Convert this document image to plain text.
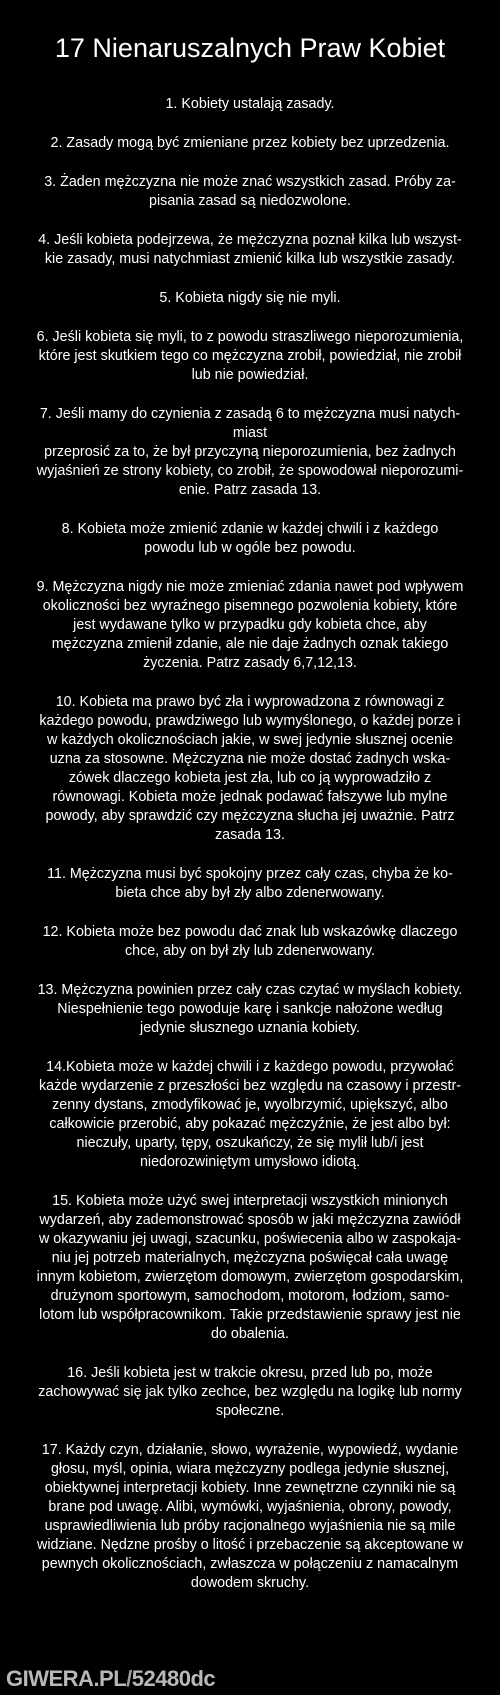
17 Nienaruszalnych Praw Kobiet
1. Kobiety ustalają zasady.
2. Zasady mogą być zmieniane przez kobiety bez uprzedzenia.
3. Żaden mężczyzna nie może znać wszystkich zasad. Próby za-
pisania zasad są niedozwolone.
4. Jeśli kobieta podejrzewa, że mężczyzna poznał kilka lub wszyst-
kie zasady, musi natychmiast zmienić kilka lub wszystkie zasady.
5. Kobieta nigdy się nie myli.
6. Jeśli kobieta się myli, to z powodu straszliwego nieporozumienia,
które jest skutkiem tego co mężczyzna zrobił, powiedział, nie zrobił
lub nie powiedział.
7. Jeśli mamy do czynienia z zasadą 6 to mężczyzna musi natych-
miast
przeprosić za to, że był przyczyną nieporozumienia, bez żadnych
wyjaśnień ze strony kobiety, co zrobił, że spowodował nieporozumi-
enie. Patrz zasada 13.
8. Kobieta może zmienić zdanie w każdej chwili i z każdego
powodu lub w ogóle bez powodu.
9. Mężczyzna nigdy nie może zmieniać zdania nawet pod wpływem
okoliczności bez wyraźnego pisemnego pozwolenia kobiety, które
jest wydawane tylko w przypadku gdy kobieta chce, aby
mężczyzna zmienił zdanie, ale nie daje żadnych oznak takiego
życzenia. Patrz zasady 6,7,12,13.
10. Kobieta ma prawo być zła i wyprowadzona z równowagi z
każdego powodu, prawdziwego lub wymyślonego, o każdej porze i
w każdych okolicznościach jakie, w swej jedynie słusznej ocenie
uzna za stosowne. Mężczyzna nie może dostać żadnych wska-
zówek dlaczego kobieta jest zła, lub co ją wyprowadziło z
równowagi. Kobieta może jednak podawać fałszywe lub mylne
powody, aby sprawdzić czy mężczyzna słucha jej uważnie. Patrz
zasada 13.
11. Mężczyzna musi być spokojny przez cały czas, chyba że ko-
bieta chce aby był zły albo zdenerwowany.
12. Kobieta może bez powodu dać znak lub wskazówkę dlaczego
chce, aby on był zły lub zdenerwowany.
13. Mężczyzna powinien przez cały czas czytać w myślach kobiety.
Niespełnienie tego powoduje karę i sankcje nałożone według
jedynie słusznego uznania kobiety.
14.Kobieta może w każdej chwili i z każdego powodu, przywołać
każde wydarzenie z przeszłości bez względu na czasowy i przestr-
zenny dystans, zmodyfikować je, wyolbrzymić, upiększyć, albo
całkowicie przerobić, aby pokazać mężczyźnie, że jest albo był:
nieczuły, uparty, tępy, oszukańczy, że się mylił lub/i jest
niedorozwiniętym umysłowo idiotą.
15. Kobieta może użyć swej interpretacji wszystkich minionych
wydarzeń, aby zademonstrować sposób w jaki mężczyzna zawiódł
w okazywaniu jej uwagi, szacunku, poświecenia albo w zaspokaja-
niu jej potrzeb materialnych, mężczyzna poświęcał cała uwagę
innym kobietom, zwierzętom domowym, zwierzętom gospodarskim,
drużynom sportowym, samochodom, motorom, łodziom, samo-
lotom lub współpracownikom. Takie przedstawienie sprawy jest nie
do obalenia.
16. Jeśli kobieta jest w trakcie okresu, przed lub po, może
zachowywać się jak tylko zechce, bez względu na logikę lub normy
społeczne.
17. Każdy czyn, działanie, słowo, wyrażenie, wypowiedź, wydanie
głosu, myśl, opinia, wiara mężczyzny podlega jedynie słusznej,
obiektywnej interpretacji kobiety. Inne zewnętrzne czynniki nie są
brane pod uwagę. Alibi, wymówki, wyjaśnienia, obrony, powody,
usprawiedliwienia lub próby racjonalnego wyjaśnienia nie są mile
widziane. Nędzne prośby o litość i przebaczenie są akceptowane w
pewnych okolicznościach, zwłaszcza w połączeniu z namacalnym
dowodem skruchy.
GIWERA.PL/52480dc
